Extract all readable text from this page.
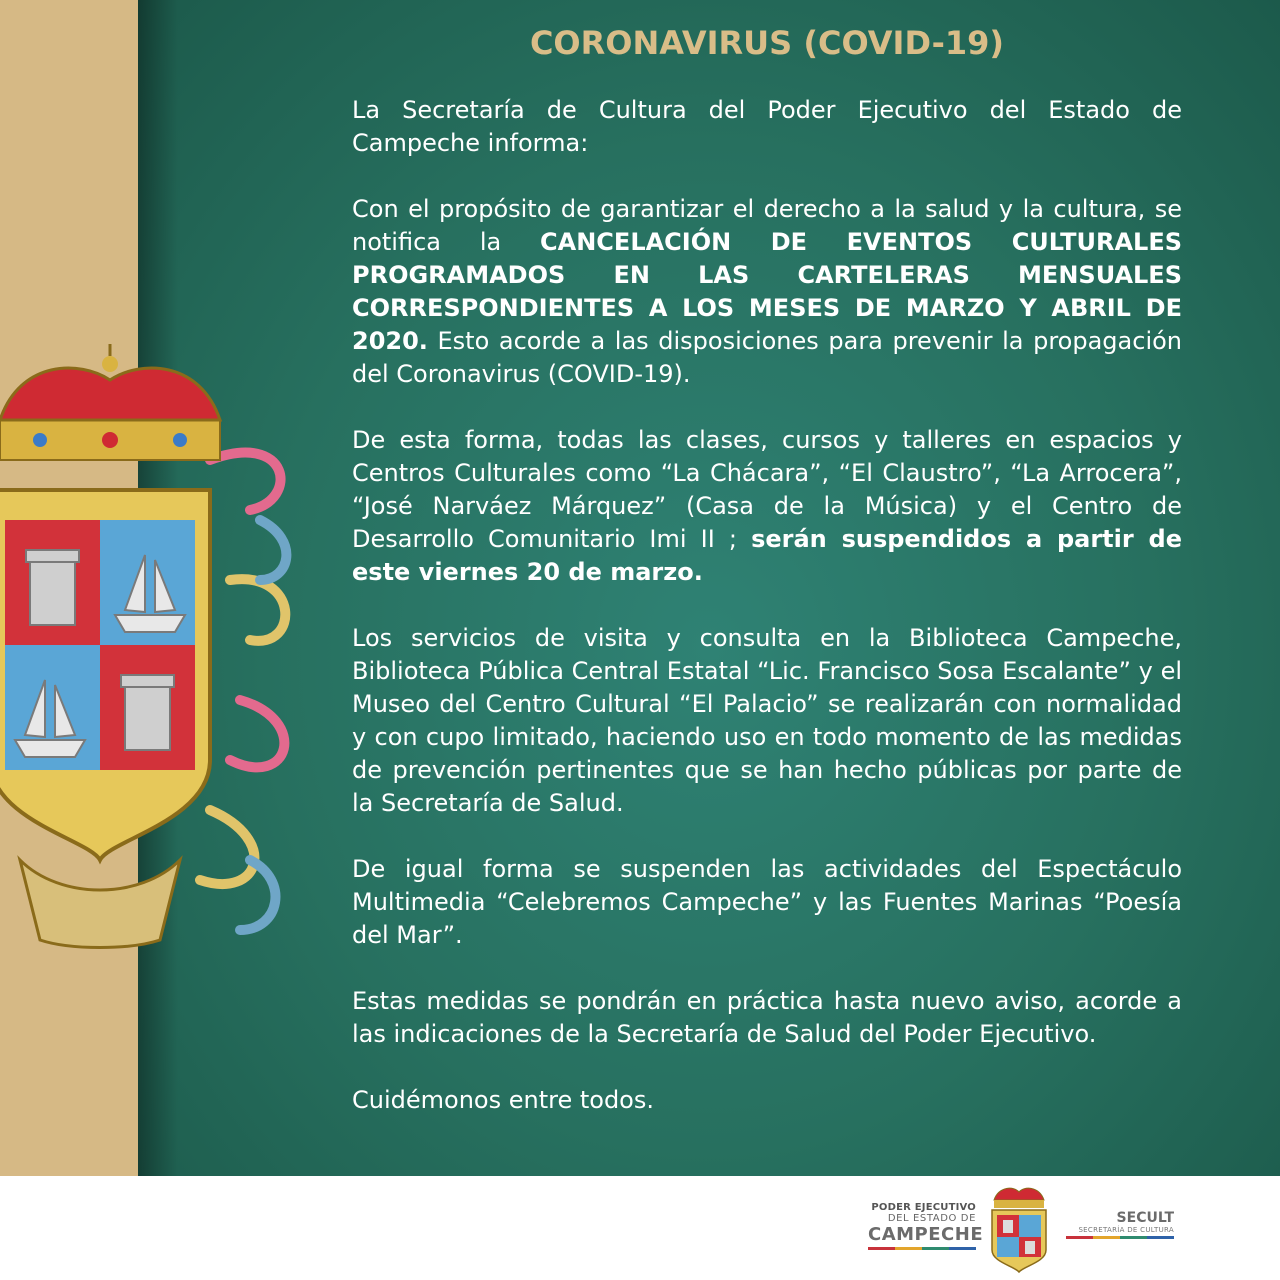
CORONAVIRUS (COVID-19)

La Secretaría de Cultura del Poder Ejecutivo del Estado de Campeche informa:

Con el propósito de garantizar el derecho a la salud y la cultura, se notifica la CANCELACIÓN DE EVENTOS CULTURALES PROGRAMADOS EN LAS CARTELERAS MENSUALES CORRESPONDIENTES A LOS MESES DE MARZO Y ABRIL DE 2020. Esto acorde a las disposiciones para prevenir la propagación del Coronavirus (COVID-19).

De esta forma, todas las clases, cursos y talleres en espacios y Centros Culturales como “La Chácara”, “El Claustro”, “La Arrocera”, “José Narváez Márquez” (Casa de la Música) y el Centro de Desarrollo Comunitario Imi II ; serán suspendidos a partir de este viernes 20 de marzo.

Los servicios de visita y consulta en la Biblioteca Campeche, Biblioteca Pública Central Estatal “Lic. Francisco Sosa Escalante” y el Museo del Centro Cultural “El Palacio” se realizarán con normalidad y con cupo limitado, haciendo uso en todo momento de las medidas de prevención pertinentes que se han hecho públicas por parte de la Secretaría de Salud.

De igual forma se suspenden las actividades del Espectáculo Multimedia “Celebremos Campeche” y las Fuentes Marinas “Poesía del Mar”.

Estas medidas se pondrán en práctica hasta nuevo aviso, acorde a las indicaciones de la Secretaría de Salud del Poder Ejecutivo.

Cuidémonos entre todos.

PODER EJECUTIVO
DEL ESTADO DE
CAMPECHE
SECULT
SECRETARÍA DE CULTURA
